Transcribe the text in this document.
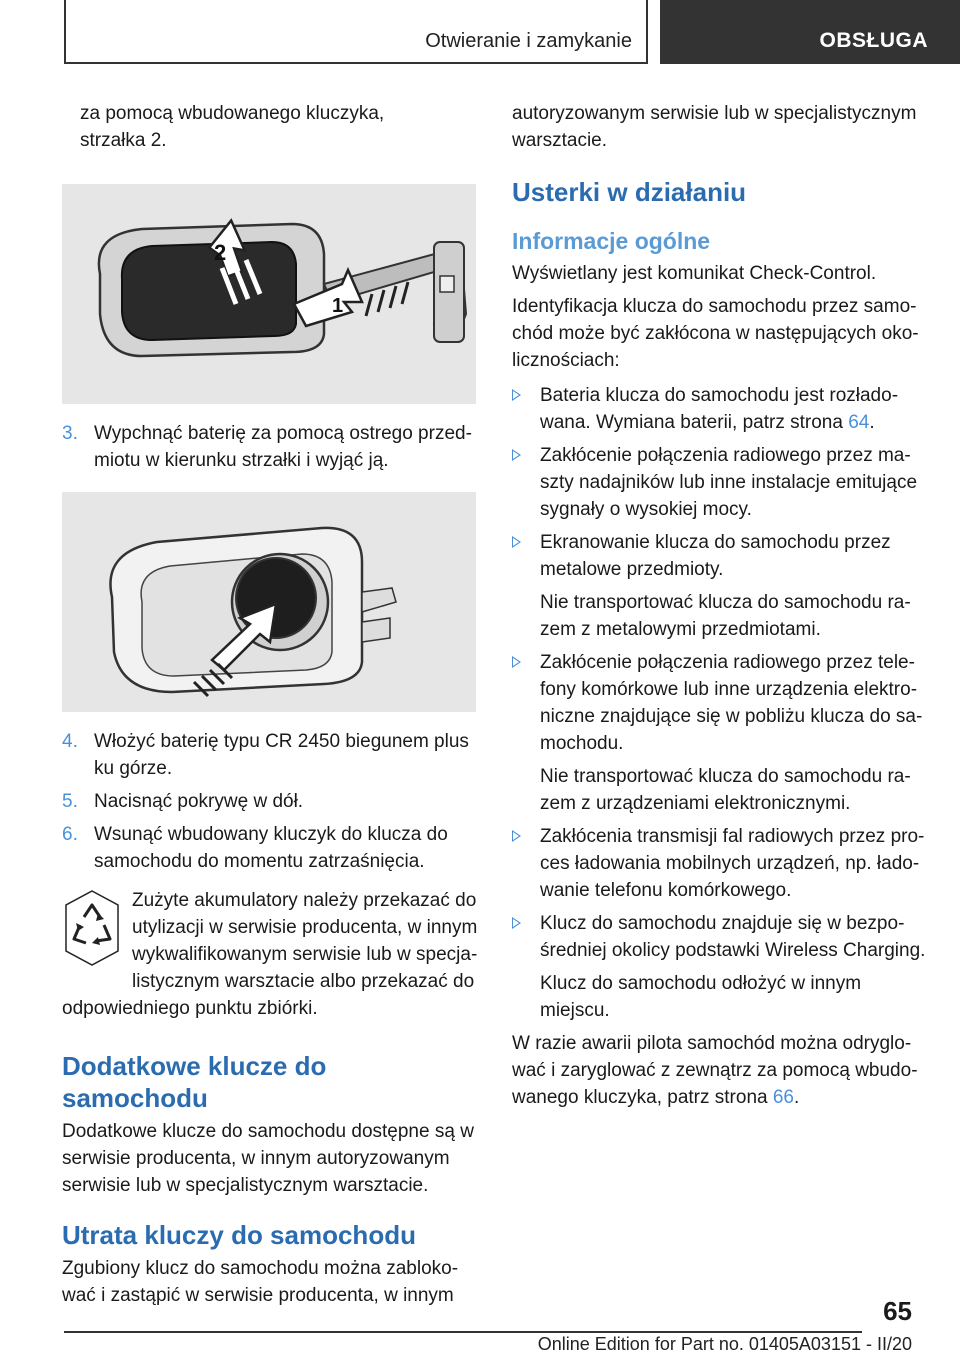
Otwieranie i zamykanie	OBSŁUGA

za pomocą wbudowanego kluczyka,

strzałka 2.

2
1
3. Wypchnąć baterię za pomocą ostrego przedmiotu w kierunku strzałki i wyjąć ją.
4. Włożyć baterię typu CR 2450 biegunem plus ku górze.
5. Nacisnąć pokrywę w dół.
6. Wsunąć wbudowany kluczyk do klucza do samochodu do momentu zatrzaśnięcia.

Zużyte akumulatory należy przekazać do utylizacji w serwisie producenta, w innym wykwalifikowanym serwisie lub w specjalistycznym warsztacie albo przekazać do odpowiedniego punktu zbiórki.

Dodatkowe klucze do samochodu

Dodatkowe klucze do samochodu dostępne są w serwisie producenta, w innym autoryzowanym serwisie lub w specjalistycznym warsztacie.

Utrata kluczy do samochodu

Zgubiony klucz do samochodu można zablokować i zastąpić w serwisie producenta, w innym

autoryzowanym serwisie lub w specjalistycznym warsztacie.

Usterki w działaniu
Informacje ogólne

Wyświetlany jest komunikat Check-Control.

Identyfikacja klucza do samochodu przez samochód może być zakłócona w następujących okolicznościach:

Bateria klucza do samochodu jest rozładowana. Wymiana baterii, patrz strona 64.

Zakłócenie połączenia radiowego przez maszty nadajników lub inne instalacje emitujące sygnały o wysokiej mocy.

Ekranowanie klucza do samochodu przez metalowe przedmioty.

Nie transportować klucza do samochodu razem z metalowymi przedmiotami.

Zakłócenie połączenia radiowego przez telefony komórkowe lub inne urządzenia elektroniczne znajdujące się w pobliżu klucza do samochodu.

Nie transportować klucza do samochodu razem z urządzeniami elektronicznymi.

Zakłócenia transmisji fal radiowych przez proces ładowania mobilnych urządzeń, np. ładowanie telefonu komórkowego.

Klucz do samochodu znajduje się w bezpośredniej okolicy podstawki Wireless Charging.

Klucz do samochodu odłożyć w innym miejscu.

W razie awarii pilota samochód można odryglować i zaryglować z zewnątrz za pomocą wbudowanego kluczyka, patrz strona 66.

65
Online Edition for Part no. 01405A03151 - II/20
